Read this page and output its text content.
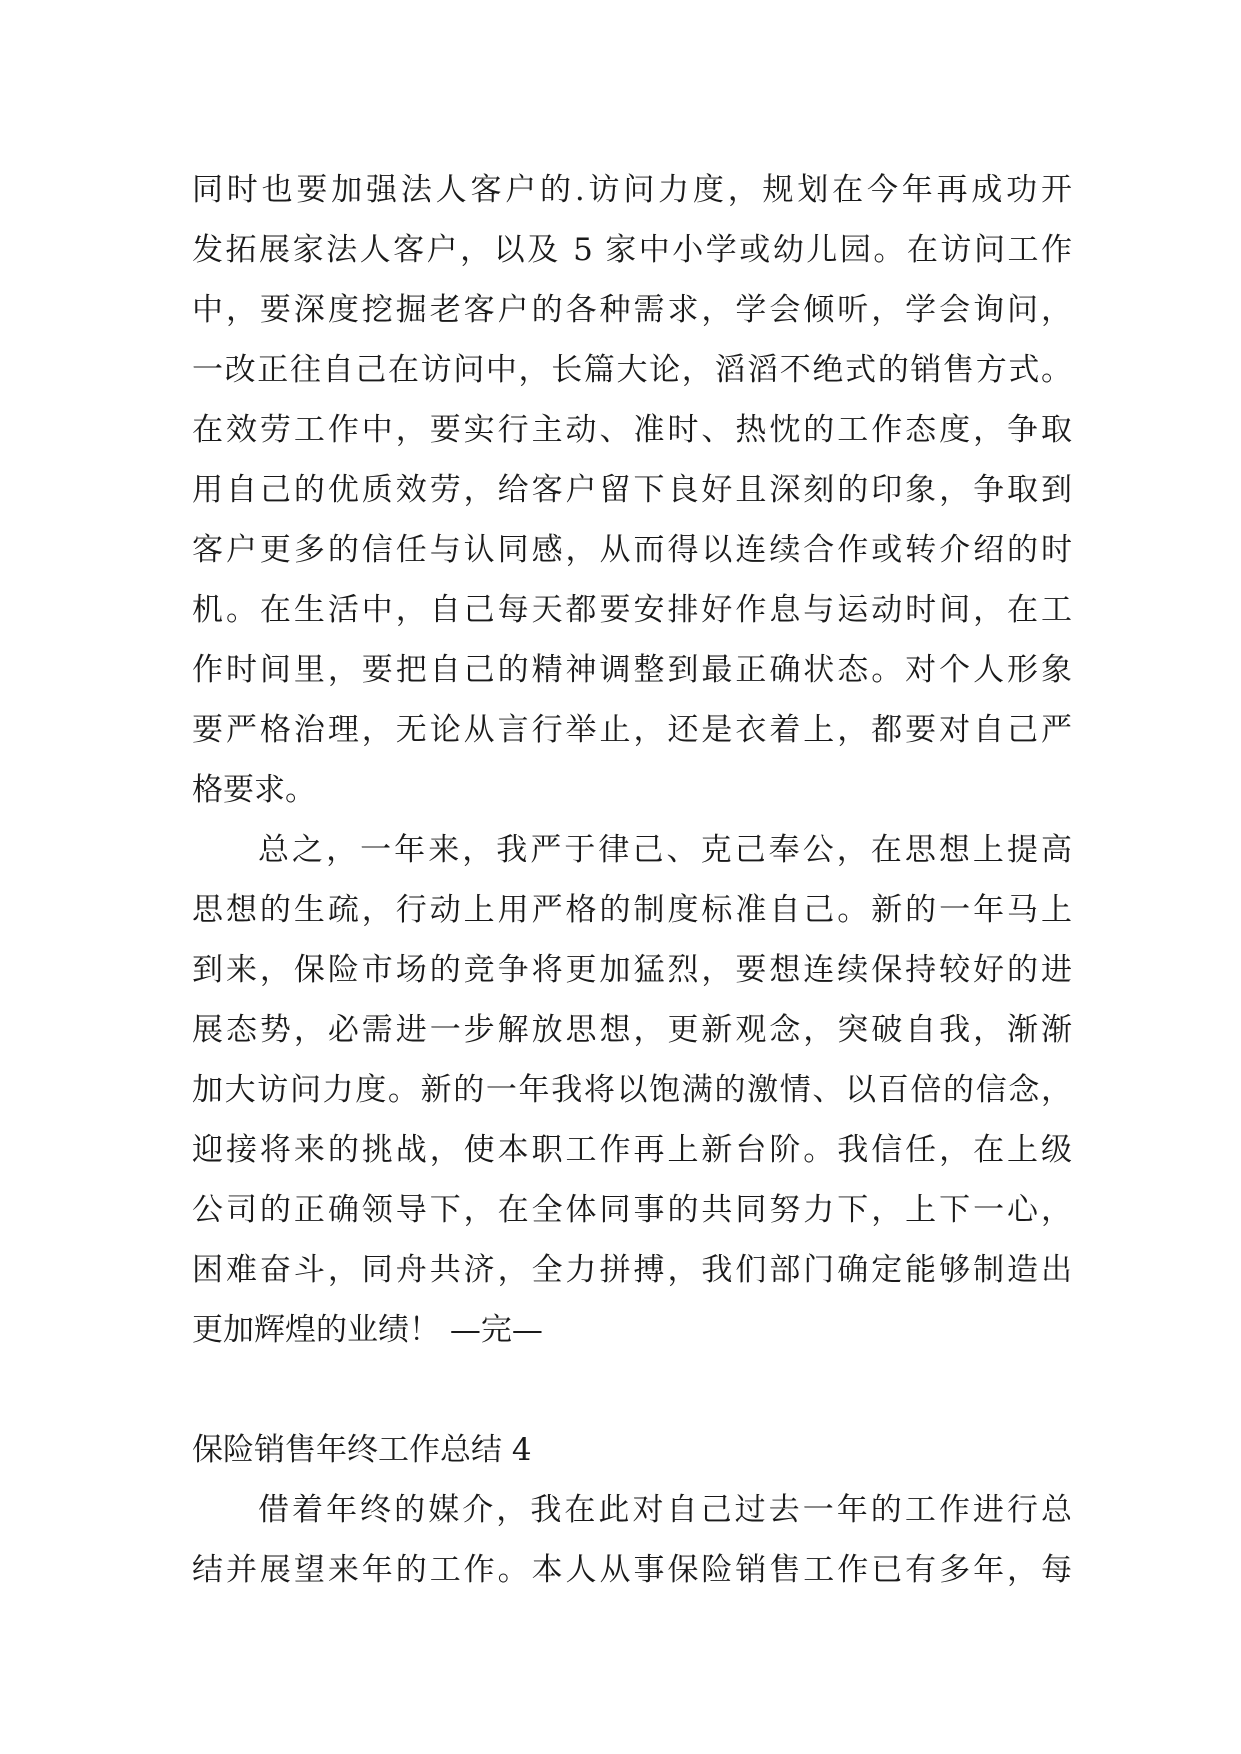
同时也要加强法人客户的.访问力度，规划在今年再成功开
发拓展家法人客户，以及 5 家中小学或幼儿园。在访问工作
中，要深度挖掘老客户的各种需求，学会倾听，学会询问，
一改正往自己在访问中，长篇大论，滔滔不绝式的销售方式。
在效劳工作中，要实行主动、准时、热忱的工作态度，争取
用自己的优质效劳，给客户留下良好且深刻的印象，争取到
客户更多的信任与认同感，从而得以连续合作或转介绍的时
机。在生活中，自己每天都要安排好作息与运动时间，在工
作时间里，要把自己的精神调整到最正确状态。对个人形象
要严格治理，无论从言行举止，还是衣着上，都要对自己严
格要求。
总之，一年来，我严于律己、克己奉公，在思想上提高
思想的生疏，行动上用严格的制度标准自己。新的一年马上
到来，保险市场的竞争将更加猛烈，要想连续保持较好的进
展态势，必需进一步解放思想，更新观念，突破自我，渐渐
加大访问力度。新的一年我将以饱满的激情、以百倍的信念，
迎接将来的挑战，使本职工作再上新台阶。我信任，在上级
公司的正确领导下，在全体同事的共同努力下，上下一心，
困难奋斗，同舟共济，全力拼搏，我们部门确定能够制造出
更加辉煌的业绩！ —完—
保险销售年终工作总结 4
借着年终的媒介，我在此对自己过去一年的工作进行总
结并展望来年的工作。本人从事保险销售工作已有多年，每
